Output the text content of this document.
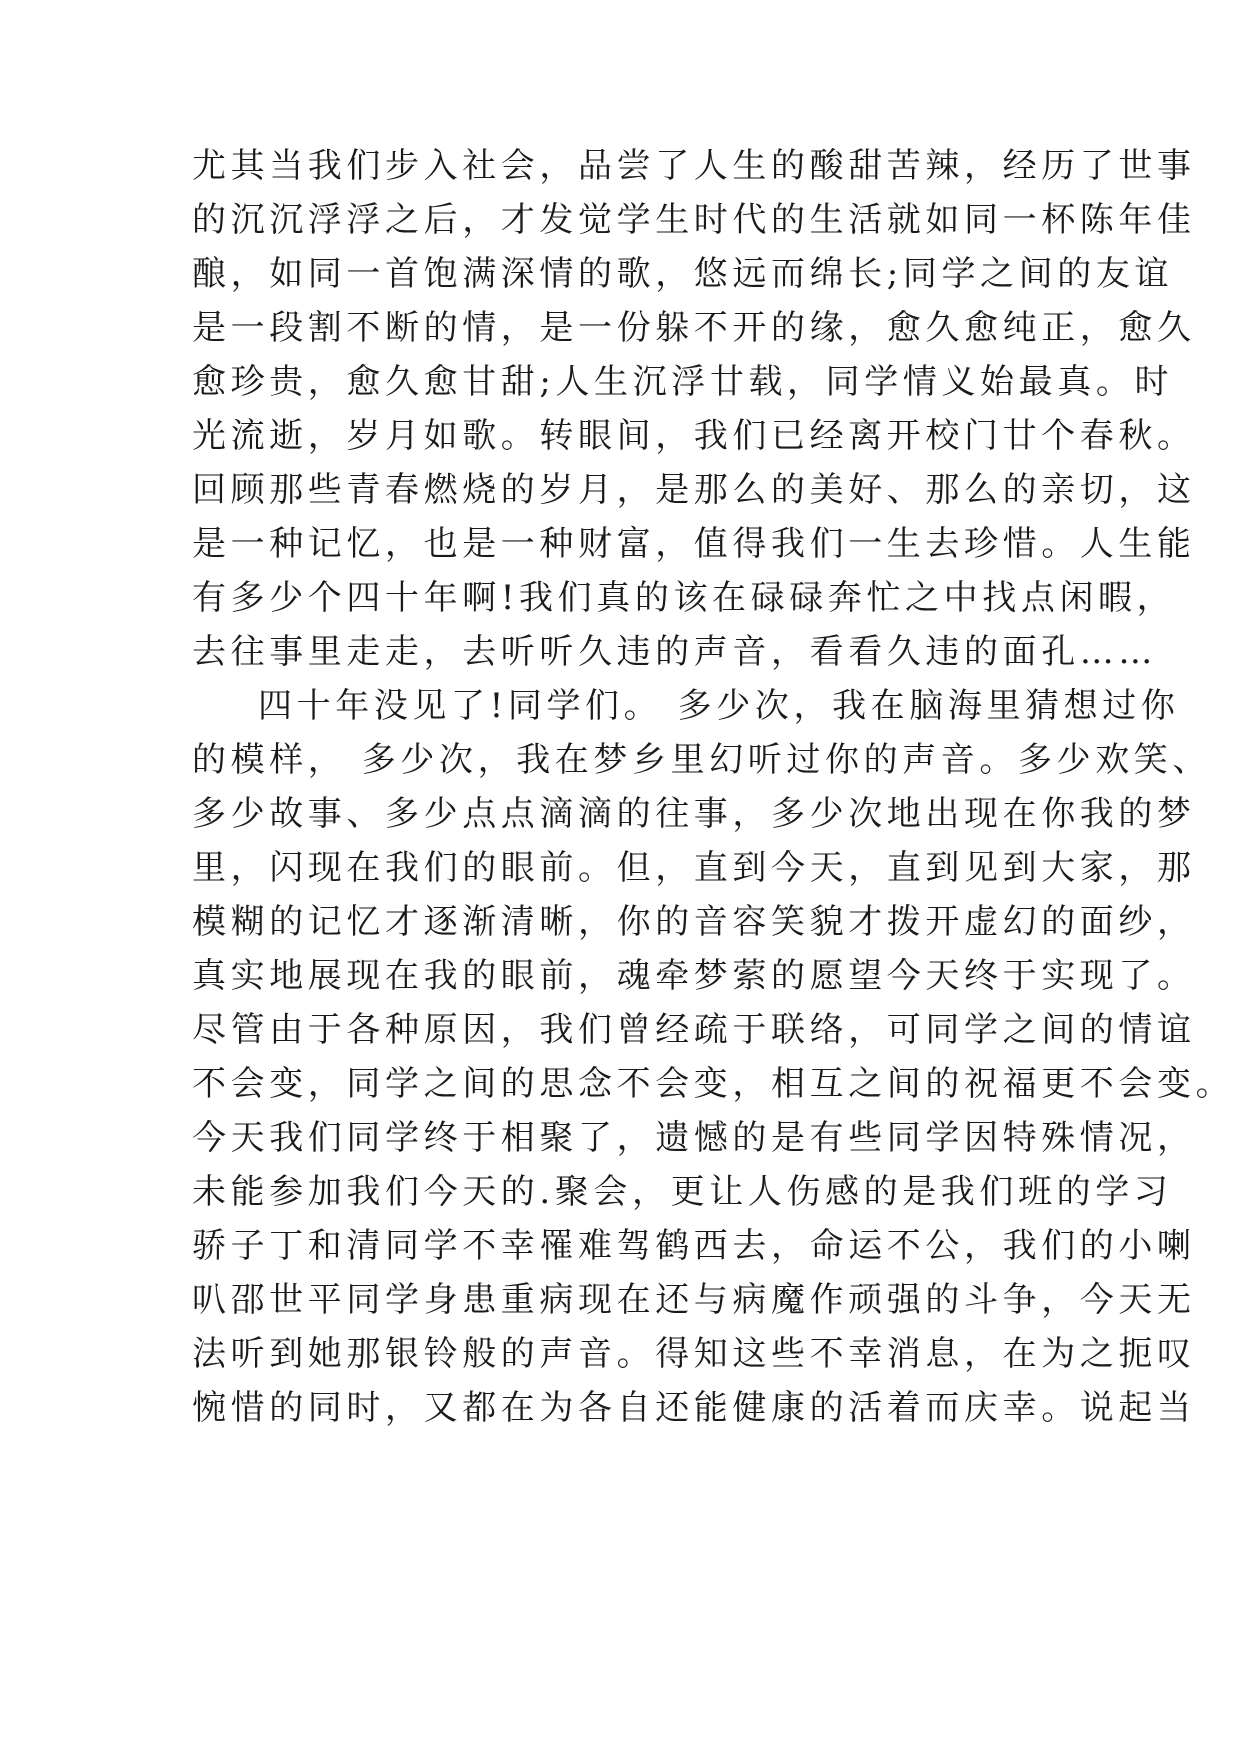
尤其当我们步入社会，品尝了人生的酸甜苦辣，经历了世事
的沉沉浮浮之后，才发觉学生时代的生活就如同一杯陈年佳
酿，如同一首饱满深情的歌，悠远而绵长;同学之间的友谊
是一段割不断的情，是一份躲不开的缘，愈久愈纯正，愈久
愈珍贵，愈久愈甘甜;人生沉浮廿载，同学情义始最真。时
光流逝，岁月如歌。转眼间，我们已经离开校门廿个春秋。
回顾那些青春燃烧的岁月，是那么的美好、那么的亲切，这
是一种记忆，也是一种财富，值得我们一生去珍惜。人生能
有多少个四十年啊!我们真的该在碌碌奔忙之中找点闲暇，
去往事里走走，去听听久违的声音，看看久违的面孔……
四十年没见了!同学们。 多少次，我在脑海里猜想过你
的模样， 多少次，我在梦乡里幻听过你的声音。多少欢笑、
多少故事、多少点点滴滴的往事，多少次地出现在你我的梦
里，闪现在我们的眼前。但，直到今天，直到见到大家，那
模糊的记忆才逐渐清晰，你的音容笑貌才拨开虚幻的面纱，
真实地展现在我的眼前，魂牵梦萦的愿望今天终于实现了。
尽管由于各种原因，我们曾经疏于联络，可同学之间的情谊
不会变，同学之间的思念不会变，相互之间的祝福更不会变。
今天我们同学终于相聚了，遗憾的是有些同学因特殊情况，
未能参加我们今天的.聚会，更让人伤感的是我们班的学习
骄子丁和清同学不幸罹难驾鹤西去，命运不公，我们的小喇
叭邵世平同学身患重病现在还与病魔作顽强的斗争，今天无
法听到她那银铃般的声音。得知这些不幸消息，在为之扼叹
惋惜的同时，又都在为各自还能健康的活着而庆幸。说起当
